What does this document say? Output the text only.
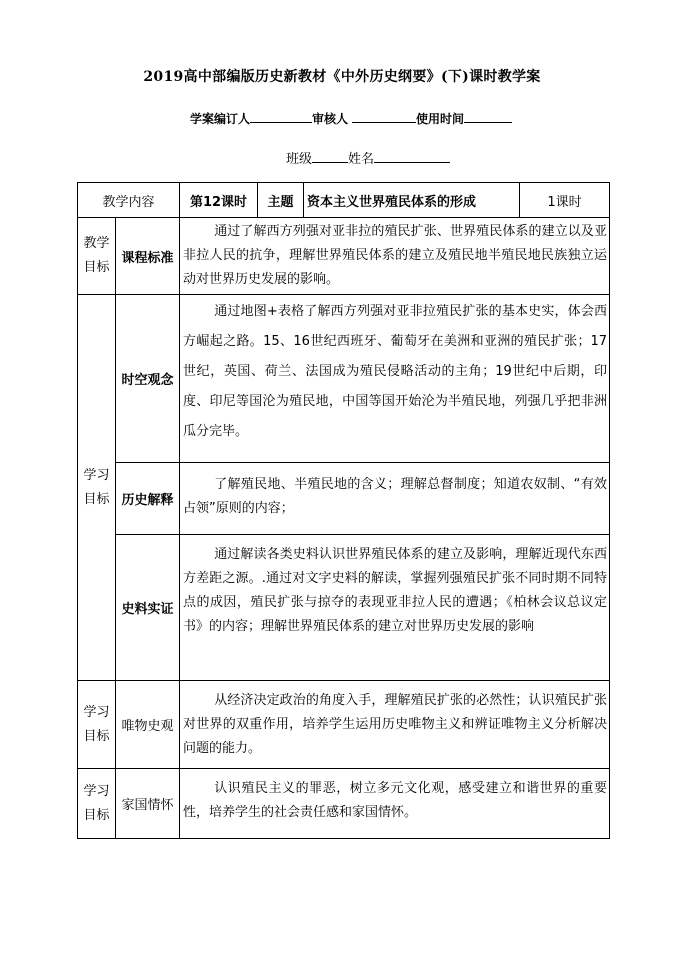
2019高中部编版历史新教材《中外历史纲要》(下)课时教学案
学案编订人	审核人	使用时间
班级	姓名
教学内容		第12课时	主题	资本主义世界殖民体系的形成	1课时
教学目标	课程标准	通过了解西方列强对亚非拉的殖民扩张、世界殖民体系的建立以及亚非拉人民的抗争，理解世界殖民体系的建立及殖民地半殖民地民族独立运动对世界历史发展的影响。			

学习目标	时空观念	通过地图+表格了解西方列强对亚非拉殖民扩张的基本史实，体会西方崛起之路。15、16世纪西班牙、葡萄牙在美洲和亚洲的殖民扩张；17世纪，英国、荷兰、法国成为殖民侵略活动的主角；19世纪中后期，印度、印尼等国沦为殖民地，中国等国开始沦为半殖民地，列强几乎把非洲瓜分完毕。			

	历史解释	了解殖民地、半殖民地的含义；理解总督制度；知道农奴制、“有效占领”原则的内容；			

	史料实证	通过解读各类史料认识世界殖民体系的建立及影响，理解近现代东西方差距之源。.通过对文字史料的解读，掌握列强殖民扩张不同时期不同特点的成因，殖民扩张与掠夺的表现亚非拉人民的遭遇；《柏林会议总议定书》的内容；理解世界殖民体系的建立对世界历史发展的影响			

学习目标	唯物史观	从经济决定政治的角度入手，理解殖民扩张的必然性；认识殖民扩张对世界的双重作用，培养学生运用历史唯物主义和辨证唯物主义分析解决问题的能力。			

学习目标	家国情怀	认识殖民主义的罪恶，树立多元文化观，感受建立和谐世界的重要性，培养学生的社会责任感和家国情怀。			
